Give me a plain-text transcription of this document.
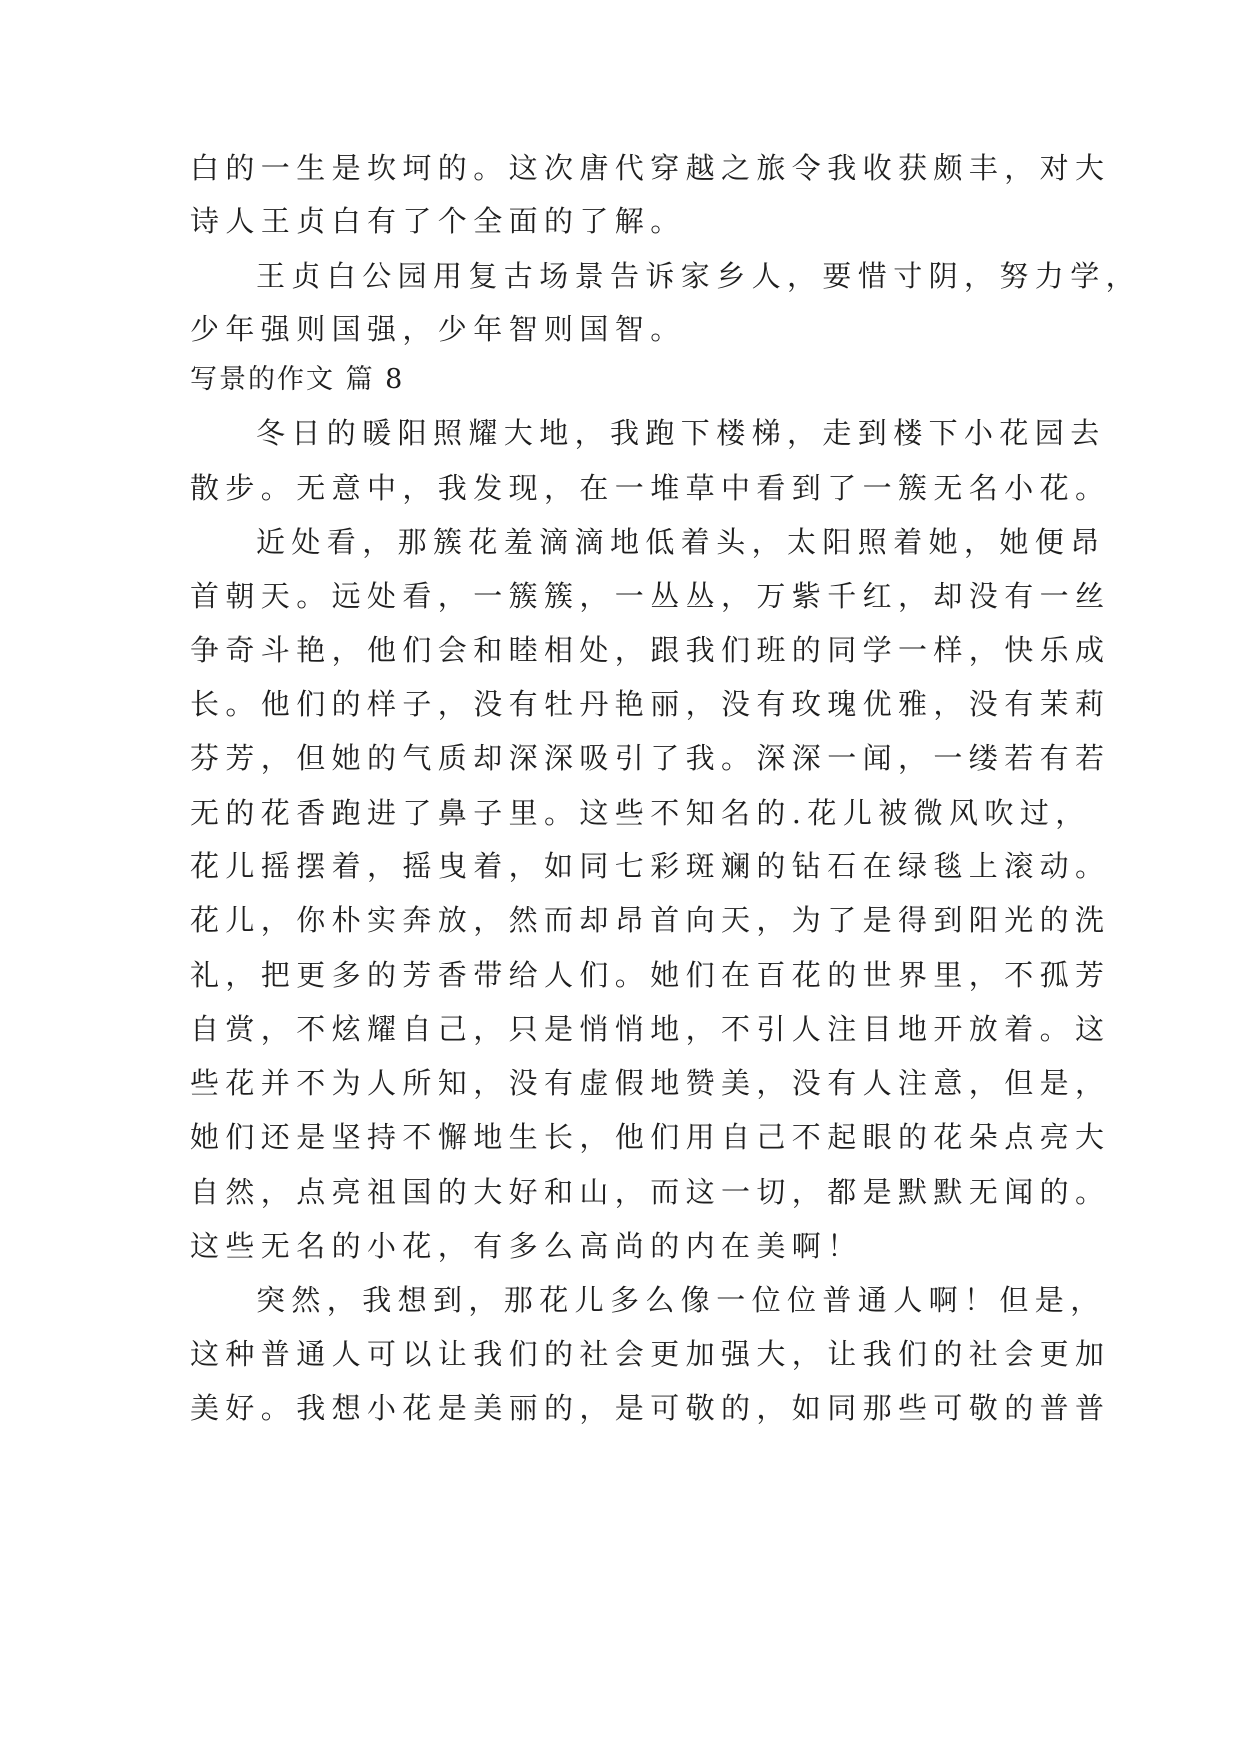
白的一生是坎坷的。这次唐代穿越之旅令我收获颇丰，对大
诗人王贞白有了个全面的了解。
王贞白公园用复古场景告诉家乡人，要惜寸阴，努力学，
少年强则国强，少年智则国智。
写景的作文 篇 8
冬日的暖阳照耀大地，我跑下楼梯，走到楼下小花园去
散步。无意中，我发现，在一堆草中看到了一簇无名小花。
近处看，那簇花羞滴滴地低着头，太阳照着她，她便昂
首朝天。远处看，一簇簇，一丛丛，万紫千红，却没有一丝
争奇斗艳，他们会和睦相处，跟我们班的同学一样，快乐成
长。他们的样子，没有牡丹艳丽，没有玫瑰优雅，没有茉莉
芬芳，但她的气质却深深吸引了我。深深一闻，一缕若有若
无的花香跑进了鼻子里。这些不知名的.花儿被微风吹过，
花儿摇摆着，摇曳着，如同七彩斑斓的钻石在绿毯上滚动。
花儿，你朴实奔放，然而却昂首向天，为了是得到阳光的洗
礼，把更多的芳香带给人们。她们在百花的世界里，不孤芳
自赏，不炫耀自己，只是悄悄地，不引人注目地开放着。这
些花并不为人所知，没有虚假地赞美，没有人注意，但是，
她们还是坚持不懈地生长，他们用自己不起眼的花朵点亮大
自然，点亮祖国的大好和山，而这一切，都是默默无闻的。
这些无名的小花，有多么高尚的内在美啊！
突然，我想到，那花儿多么像一位位普通人啊！但是，
这种普通人可以让我们的社会更加强大，让我们的社会更加
美好。我想小花是美丽的，是可敬的，如同那些可敬的普普
